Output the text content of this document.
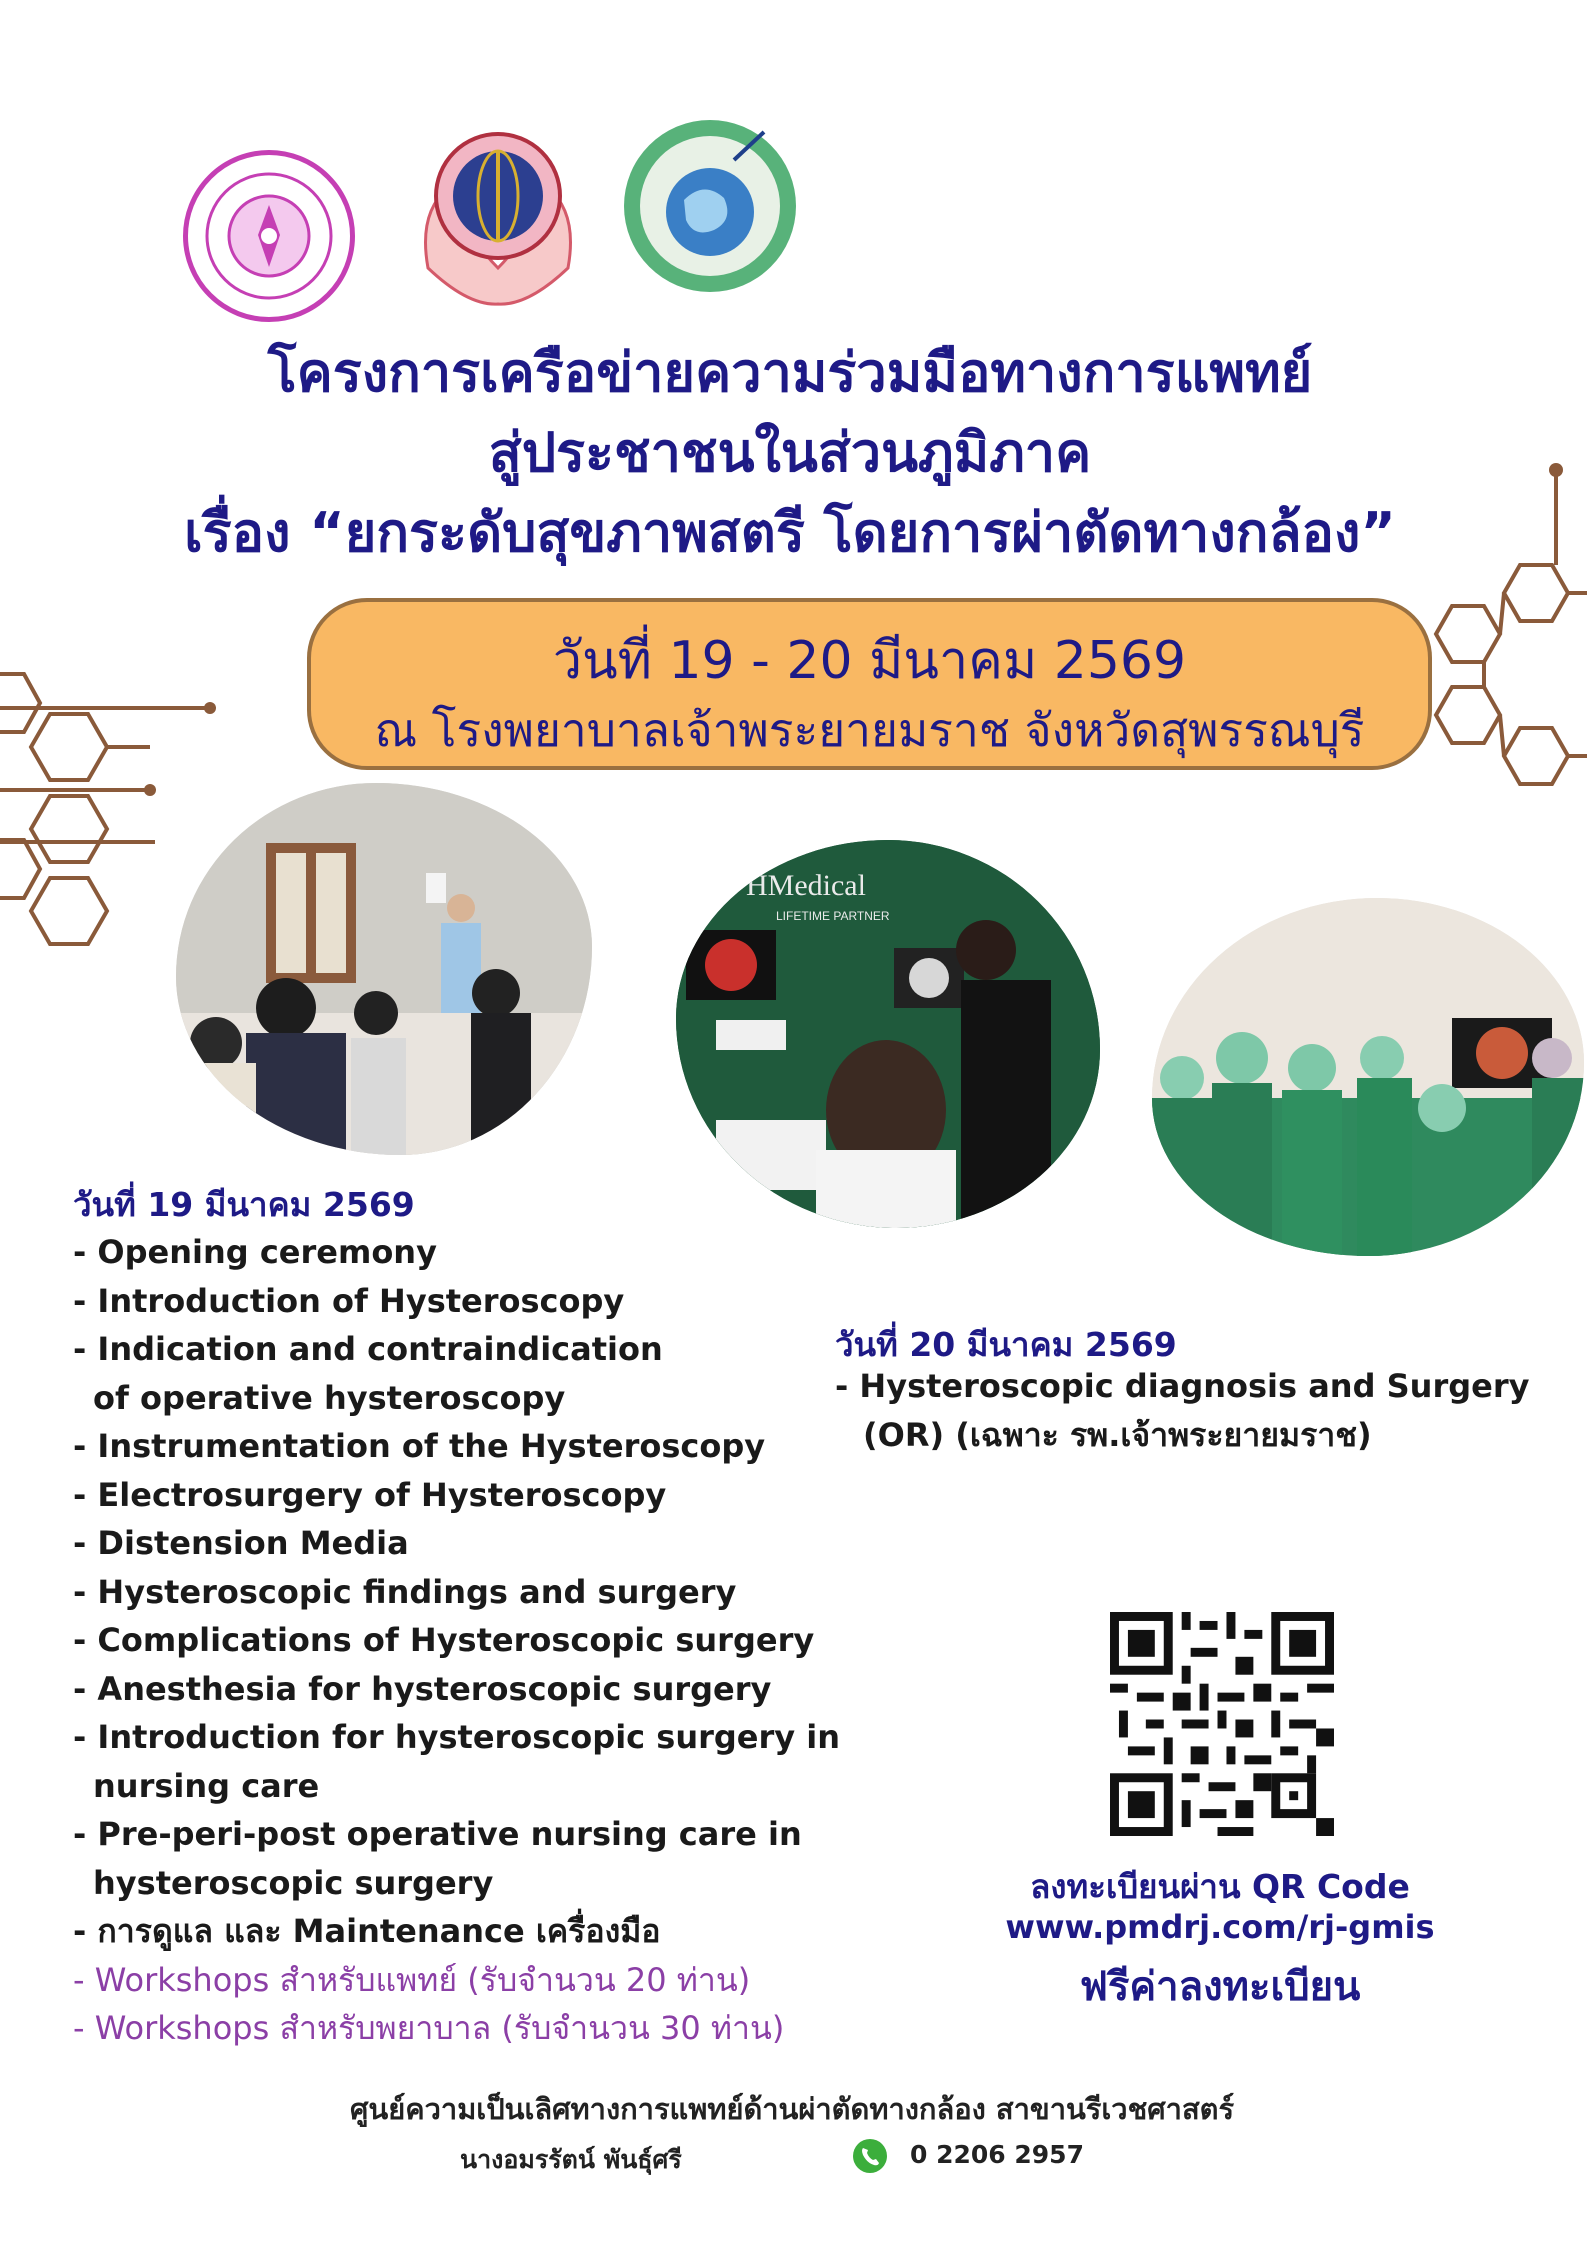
โครงการเครือข่ายความร่วมมือทางการแพทย์
สู่ประชาชนในส่วนภูมิภาค
เรื่อง “ยกระดับสุขภาพสตรี โดยการผ่าตัดทางกล้อง”
วันที่ 19 - 20 มีนาคม 2569
ณ โรงพยาบาลเจ้าพระยายมราช จังหวัดสุพรรณบุรี
HMedical
LIFETIME PARTNER
วันที่ 19 มีนาคม 2569
- Opening ceremony
- Introduction of Hysteroscopy
- Indication and contraindication
of operative hysteroscopy
- Instrumentation of the Hysteroscopy
- Electrosurgery of Hysteroscopy
- Distension Media
- Hysteroscopic findings and surgery
- Complications of Hysteroscopic surgery
- Anesthesia for hysteroscopic surgery
- Introduction for hysteroscopic surgery in
nursing care
- Pre-peri-post operative nursing care in
hysteroscopic surgery
- การดูแล และ Maintenance เครื่องมือ
- Workshops สำหรับแพทย์ (รับจำนวน 20 ท่าน)
- Workshops สำหรับพยาบาล (รับจำนวน 30 ท่าน)
วันที่ 20 มีนาคม 2569
- Hysteroscopic diagnosis and Surgery
(OR) (เฉพาะ รพ.เจ้าพระยายมราช)
ลงทะเบียนผ่าน QR Code
www.pmdrj.com/rj-gmis
ฟรีค่าลงทะเบียน
ศูนย์ความเป็นเลิศทางการแพทย์ด้านผ่าตัดทางกล้อง สาขานรีเวชศาสตร์
นางอมรรัตน์ พันธุ์ศรี	0 2206 2957
